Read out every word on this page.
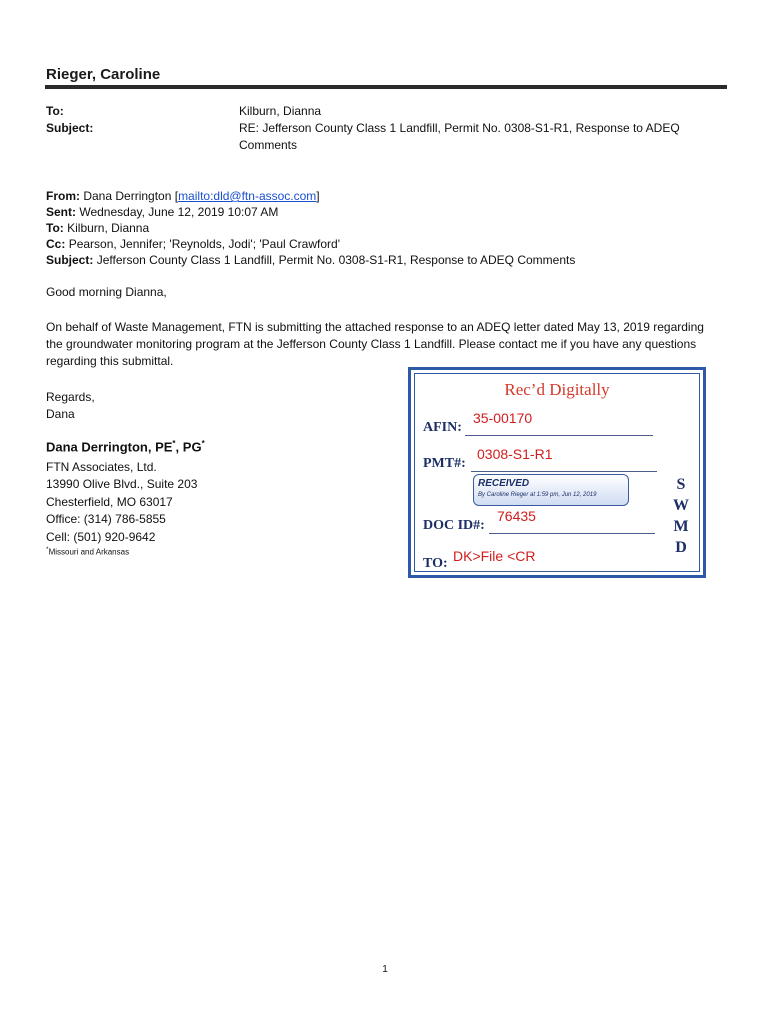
Rieger, Caroline
To:	Kilburn, Dianna
Subject:	RE: Jefferson County Class 1 Landfill, Permit No. 0308-S1-R1, Response to ADEQ Comments
From: Dana Derrington [mailto:dld@ftn-assoc.com]
Sent: Wednesday, June 12, 2019 10:07 AM
To: Kilburn, Dianna
Cc: Pearson, Jennifer; 'Reynolds, Jodi'; 'Paul Crawford'
Subject: Jefferson County Class 1 Landfill, Permit No. 0308-S1-R1, Response to ADEQ Comments
Good morning Dianna,
On behalf of Waste Management, FTN is submitting the attached response to an ADEQ letter dated May 13, 2019 regarding the groundwater monitoring program at the Jefferson County Class 1 Landfill. Please contact me if you have any questions regarding this submittal.
Regards,
Dana
Dana Derrington, PE*, PG*
FTN Associates, Ltd.
13990 Olive Blvd., Suite 203
Chesterfield, MO 63017
Office: (314) 786-5855
Cell: (501) 920-9642
*Missouri and Arkansas
Rec’d Digitally
AFIN:
35-00170
PMT#:
0308-S1-R1
RECEIVED
By Caroline Rieger at 1:59 pm, Jun 12, 2019
DOC ID#:
76435
TO: DK>File <CR
S
W
M
D
1
